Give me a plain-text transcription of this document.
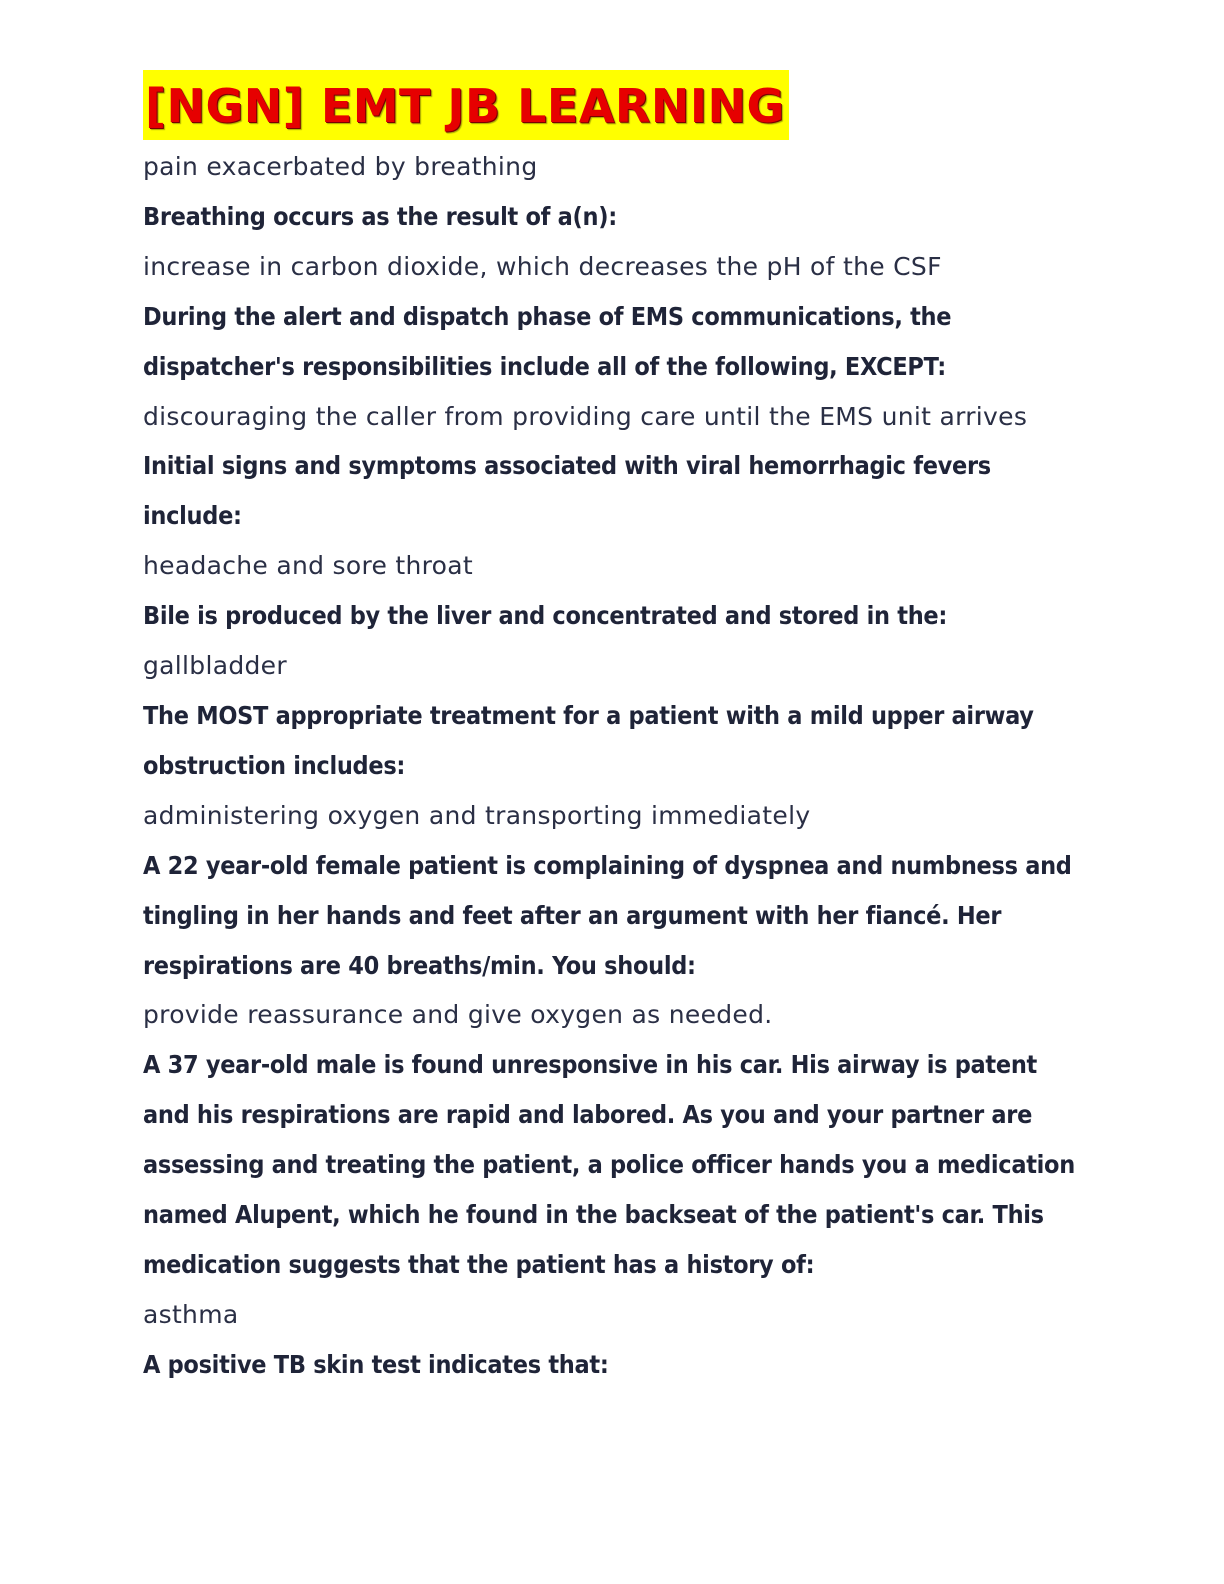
[NGN] EMT JB LEARNING
pain exacerbated by breathing
Breathing occurs as the result of a(n):
increase in carbon dioxide, which decreases the pH of the CSF
During the alert and dispatch phase of EMS communications, the
dispatcher's responsibilities include all of the following, EXCEPT:
discouraging the caller from providing care until the EMS unit arrives
Initial signs and symptoms associated with viral hemorrhagic fevers
include:
headache and sore throat
Bile is produced by the liver and concentrated and stored in the:
gallbladder
The MOST appropriate treatment for a patient with a mild upper airway
obstruction includes:
administering oxygen and transporting immediately
A 22 year-old female patient is complaining of dyspnea and numbness and
tingling in her hands and feet after an argument with her fiancé. Her
respirations are 40 breaths/min. You should:
provide reassurance and give oxygen as needed.
A 37 year-old male is found unresponsive in his car. His airway is patent
and his respirations are rapid and labored. As you and your partner are
assessing and treating the patient, a police officer hands you a medication
named Alupent, which he found in the backseat of the patient's car. This
medication suggests that the patient has a history of:
asthma
A positive TB skin test indicates that:
